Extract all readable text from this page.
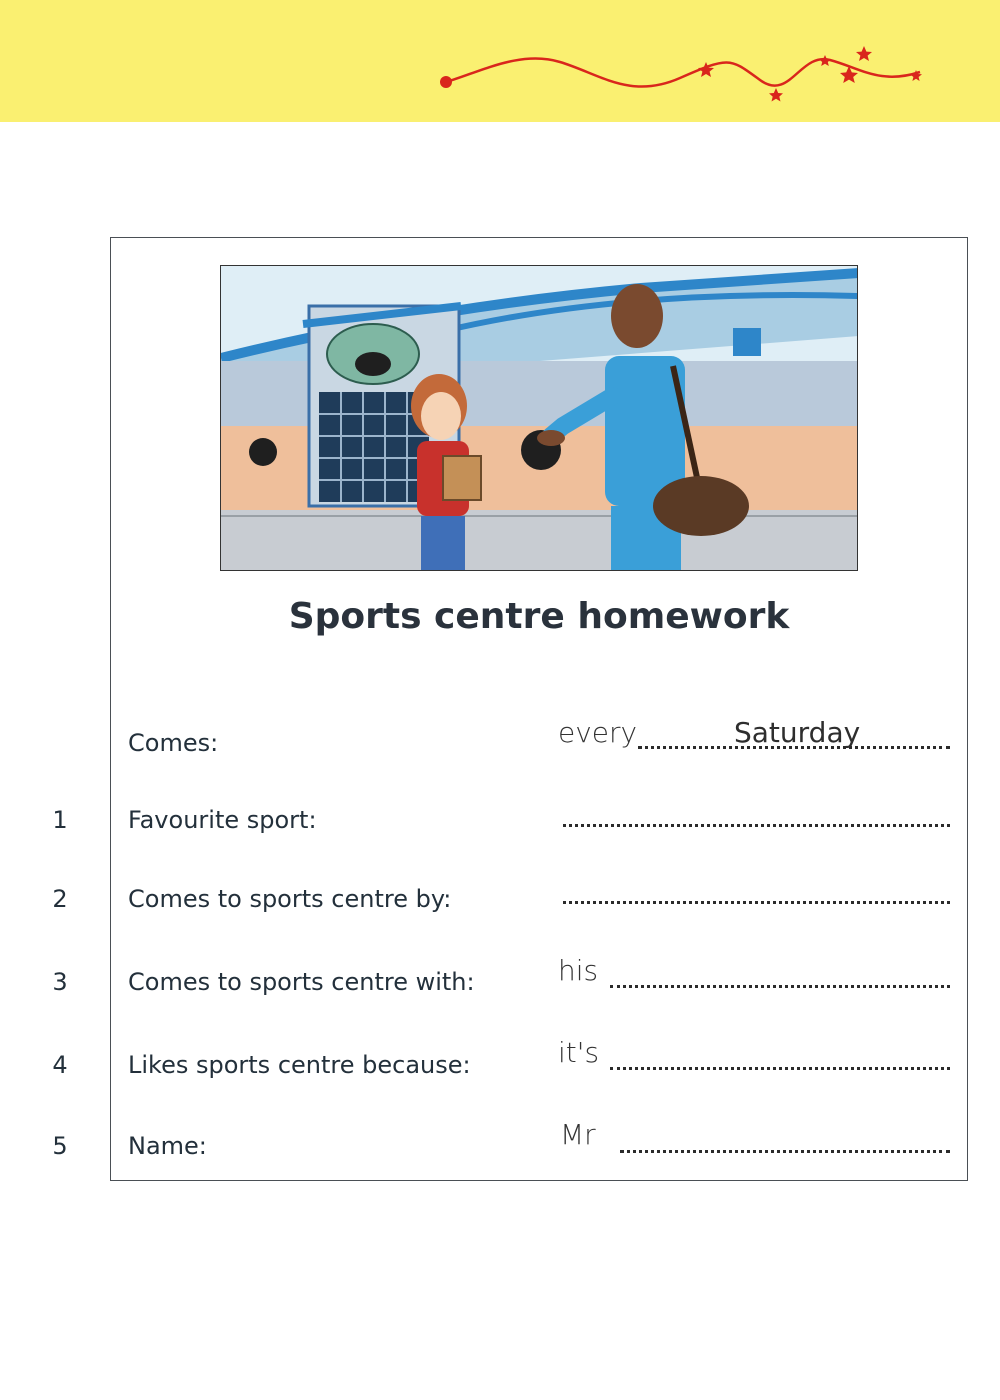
Sports centre homework
Comes:	every	Saturday
1	Favourite sport:
2	Comes to sports centre by:
3	Comes to sports centre with:	his
4	Likes sports centre because:	it's
5	Name:	Mr
